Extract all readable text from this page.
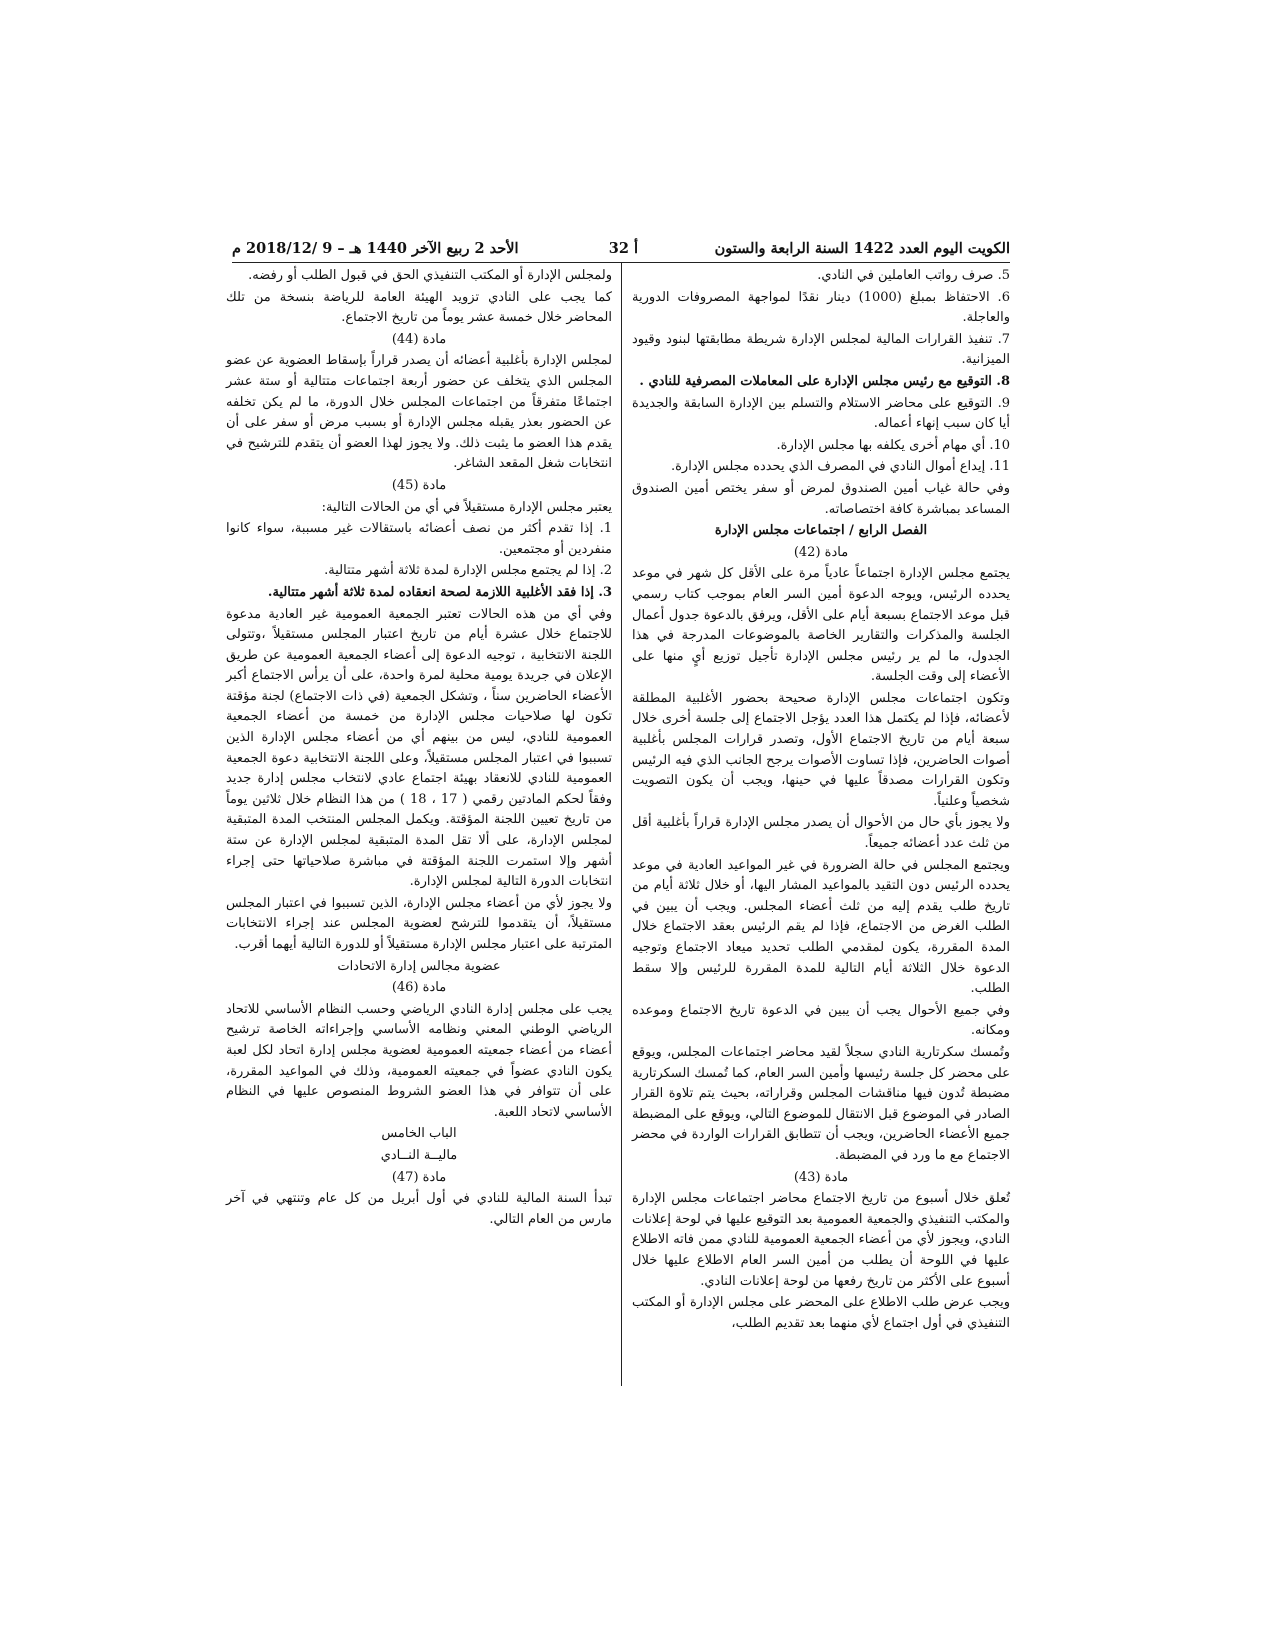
الكويت اليوم العدد 1422 السنة الرابعة والستون
أ 32
الأحد 2 ربيع الآخر 1440 هـ – 9 /2018/12 م

5. صرف رواتب العاملين في النادي.

6. الاحتفاظ بمبلغ (1000) دينار نقدًا لمواجهة المصروفات الدورية والعاجلة.

7. تنفيذ القرارات المالية لمجلس الإدارة شريطة مطابقتها لبنود وقيود الميزانية.

8. التوقيع مع رئيس مجلس الإدارة على المعاملات المصرفية للنادي .

9. التوقيع على محاضر الاستلام والتسلم بين الإدارة السابقة والجديدة أيا كان سبب إنهاء أعماله.

10. أي مهام أخرى يكلفه بها مجلس الإدارة.

11. إيداع أموال النادي في المصرف الذي يحدده مجلس الإدارة.

وفي حالة غياب أمين الصندوق لمرض أو سفر يختص أمين الصندوق المساعد بمباشرة كافة اختصاصاته.

الفصل الرابع / اجتماعات مجلس الإدارة

مادة (42)

يجتمع مجلس الإدارة اجتماعاً عادياً مرة على الأقل كل شهر في موعد يحدده الرئيس، ويوجه الدعوة أمين السر العام بموجب كتاب رسمي قبل موعد الاجتماع بسبعة أيام على الأقل، ويرفق بالدعوة جدول أعمال الجلسة والمذكرات والتقارير الخاصة بالموضوعات المدرجة في هذا الجدول، ما لم ير رئيس مجلس الإدارة تأجيل توزيع أيٍ منها على الأعضاء إلى وقت الجلسة.

وتكون اجتماعات مجلس الإدارة صحيحة بحضور الأغلبية المطلقة لأعضائه، فإذا لم يكتمل هذا العدد يؤجل الاجتماع إلى جلسة أخرى خلال سبعة أيام من تاريخ الاجتماع الأول، وتصدر قرارات المجلس بأغلبية أصوات الحاضرين، فإذا تساوت الأصوات يرجح الجانب الذي فيه الرئيس وتكون القرارات مصدقاً عليها في حينها، ويجب أن يكون التصويت شخصياً وعلنياً.

ولا يجوز بأي حال من الأحوال أن يصدر مجلس الإدارة قراراً بأغلبية أقل من ثلث عدد أعضائه جميعاً.

ويجتمع المجلس في حالة الضرورة في غير المواعيد العادية في موعد يحدده الرئيس دون التقيد بالمواعيد المشار اليها، أو خلال ثلاثة أيام من تاريخ طلب يقدم إليه من ثلث أعضاء المجلس. ويجب أن يبين في الطلب الغرض من الاجتماع، فإذا لم يقم الرئيس بعقد الاجتماع خلال المدة المقررة، يكون لمقدمي الطلب تحديد ميعاد الاجتماع وتوجيه الدعوة خلال الثلاثة أيام التالية للمدة المقررة للرئيس وإلا سقط الطلب.

وفي جميع الأحوال يجب أن يبين في الدعوة تاريخ الاجتماع وموعده ومكانه.

وتُمسك سكرتارية النادي سجلاً لقيد محاضر اجتماعات المجلس، ويوقع على محضر كل جلسة رئيسها وأمين السر العام، كما تُمسك السكرتارية مضبطة تُدون فيها مناقشات المجلس وقراراته، بحيث يتم تلاوة القرار الصادر في الموضوع قبل الانتقال للموضوع التالي، ويوقع على المضبطة جميع الأعضاء الحاضرين، ويجب أن تتطابق القرارات الواردة في محضر الاجتماع مع ما ورد في المضبطة.

مادة (43)

تُعلق خلال أسبوع من تاريخ الاجتماع محاضر اجتماعات مجلس الإدارة والمكتب التنفيذي والجمعية العمومية بعد التوقيع عليها في لوحة إعلانات النادي، ويجوز لأي من أعضاء الجمعية العمومية للنادي ممن فاته الاطلاع عليها في اللوحة أن يطلب من أمين السر العام الاطلاع عليها خلال أسبوع على الأكثر من تاريخ رفعها من لوحة إعلانات النادي.

ويجب عرض طلب الاطلاع على المحضر على مجلس الإدارة أو المكتب التنفيذي في أول اجتماع لأي منهما بعد تقديم الطلب،

ولمجلس الإدارة أو المكتب التنفيذي الحق في قبول الطلب أو رفضه.

كما يجب على النادي تزويد الهيئة العامة للرياضة بنسخة من تلك المحاضر خلال خمسة عشر يوماً من تاريخ الاجتماع.

مادة (44)

لمجلس الإدارة بأغلبية أعضائه أن يصدر قراراً بإسقاط العضوية عن عضو المجلس الذي يتخلف عن حضور أربعة اجتماعات متتالية أو ستة عشر اجتماعًا متفرقاً من اجتماعات المجلس خلال الدورة، ما لم يكن تخلفه عن الحضور بعذر يقبله مجلس الإدارة أو بسبب مرض أو سفر على أن يقدم هذا العضو ما يثبت ذلك. ولا يجوز لهذا العضو أن يتقدم للترشيح في انتخابات شغل المقعد الشاغر.

مادة (45)

يعتبر مجلس الإدارة مستقيلاً في أي من الحالات التالية:

1. إذا تقدم أكثر من نصف أعضائه باستقالات غير مسببة، سواء كانوا منفردين أو مجتمعين.

2. إذا لم يجتمع مجلس الإدارة لمدة ثلاثة أشهر متتالية.

3. إذا فقد الأغلبية اللازمة لصحة انعقاده لمدة ثلاثة أشهر متتالية.

وفي أي من هذه الحالات تعتبر الجمعية العمومية غير العادية مدعوة للاجتماع خلال عشرة أيام من تاريخ اعتبار المجلس مستقيلاً ،وتتولى اللجنة الانتخابية ، توجيه الدعوة إلى أعضاء الجمعية العمومية عن طريق الإعلان في جريدة يومية محلية لمرة واحدة، على أن يرأس الاجتماع أكبر الأعضاء الحاضرين سناً ، وتشكل الجمعية (في ذات الاجتماع) لجنة مؤقتة تكون لها صلاحيات مجلس الإدارة من خمسة من أعضاء الجمعية العمومية للنادي، ليس من بينهم أي من أعضاء مجلس الإدارة الذين تسببوا في اعتبار المجلس مستقيلاً، وعلى اللجنة الانتخابية دعوة الجمعية العمومية للنادي للانعقاد بهيئة اجتماع عادي لانتخاب مجلس إدارة جديد وفقاً لحكم المادتين رقمي ( 17 ، 18 ) من هذا النظام خلال ثلاثين يوماً من تاريخ تعيين اللجنة المؤقتة. ويكمل المجلس المنتخب المدة المتبقية لمجلس الإدارة، على ألا تقل المدة المتبقية لمجلس الإدارة عن ستة أشهر وإلا استمرت اللجنة المؤقتة في مباشرة صلاحياتها حتى إجراء انتخابات الدورة التالية لمجلس الإدارة.

ولا يجوز لأي من أعضاء مجلس الإدارة، الذين تسببوا في اعتبار المجلس مستقيلاً، أن يتقدموا للترشح لعضوية المجلس عند إجراء الانتخابات المترتبة على اعتبار مجلس الإدارة مستقيلاً أو للدورة التالية أيهما أقرب.

عضوية مجالس إدارة الاتحادات

مادة (46)

يجب على مجلس إدارة النادي الرياضي وحسب النظام الأساسي للاتحاد الرياضي الوطني المعني ونظامه الأساسي وإجراءاته الخاصة ترشيح أعضاء من أعضاء جمعيته العمومية لعضوية مجلس إدارة اتحاد لكل لعبة يكون النادي عضواً في جمعيته العمومية، وذلك في المواعيد المقررة، على أن تتوافر في هذا العضو الشروط المنصوص عليها في النظام الأساسي لاتحاد اللعبة.

الباب الخامس

ماليــة النــادي

مادة (47)

تبدأ السنة المالية للنادي في أول أبريل من كل عام وتنتهي في آخر مارس من العام التالي.
